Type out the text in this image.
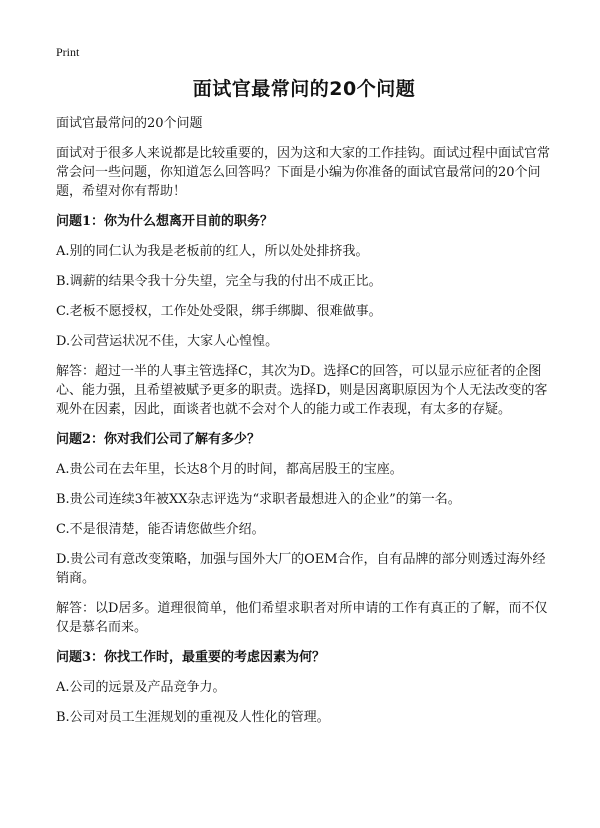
Print
面试官最常问的20个问题
面试官最常问的20个问题
面试对于很多人来说都是比较重要的，因为这和大家的工作挂钩。面试过程中面试官常常会问一些问题，你知道怎么回答吗？下面是小编为你准备的面试官最常问的20个问题，希望对你有帮助！
问题1：你为什么想离开目前的职务？
A.别的同仁认为我是老板前的红人，所以处处排挤我。
B.调薪的结果令我十分失望，完全与我的付出不成正比。
C.老板不愿授权，工作处处受限，绑手绑脚、很难做事。
D.公司营运状况不佳，大家人心惶惶。
解答：超过一半的人事主管选择C，其次为D。选择C的回答，可以显示应征者的企图心、能力强，且希望被赋予更多的职责。选择D，则是因离职原因为个人无法改变的客观外在因素，因此，面谈者也就不会对个人的能力或工作表现，有太多的存疑。
问题2：你对我们公司了解有多少？
A.贵公司在去年里，长达8个月的时间，都高居股王的宝座。
B.贵公司连续3年被XX杂志评选为“求职者最想进入的企业”的第一名。
C.不是很清楚，能否请您做些介绍。
D.贵公司有意改变策略，加强与国外大厂的OEM合作，自有品牌的部分则透过海外经销商。
解答：以D居多。道理很简单，他们希望求职者对所申请的工作有真正的了解，而不仅仅是慕名而来。
问题3：你找工作时，最重要的考虑因素为何？
A.公司的远景及产品竞争力。
B.公司对员工生涯规划的重视及人性化的管理。
